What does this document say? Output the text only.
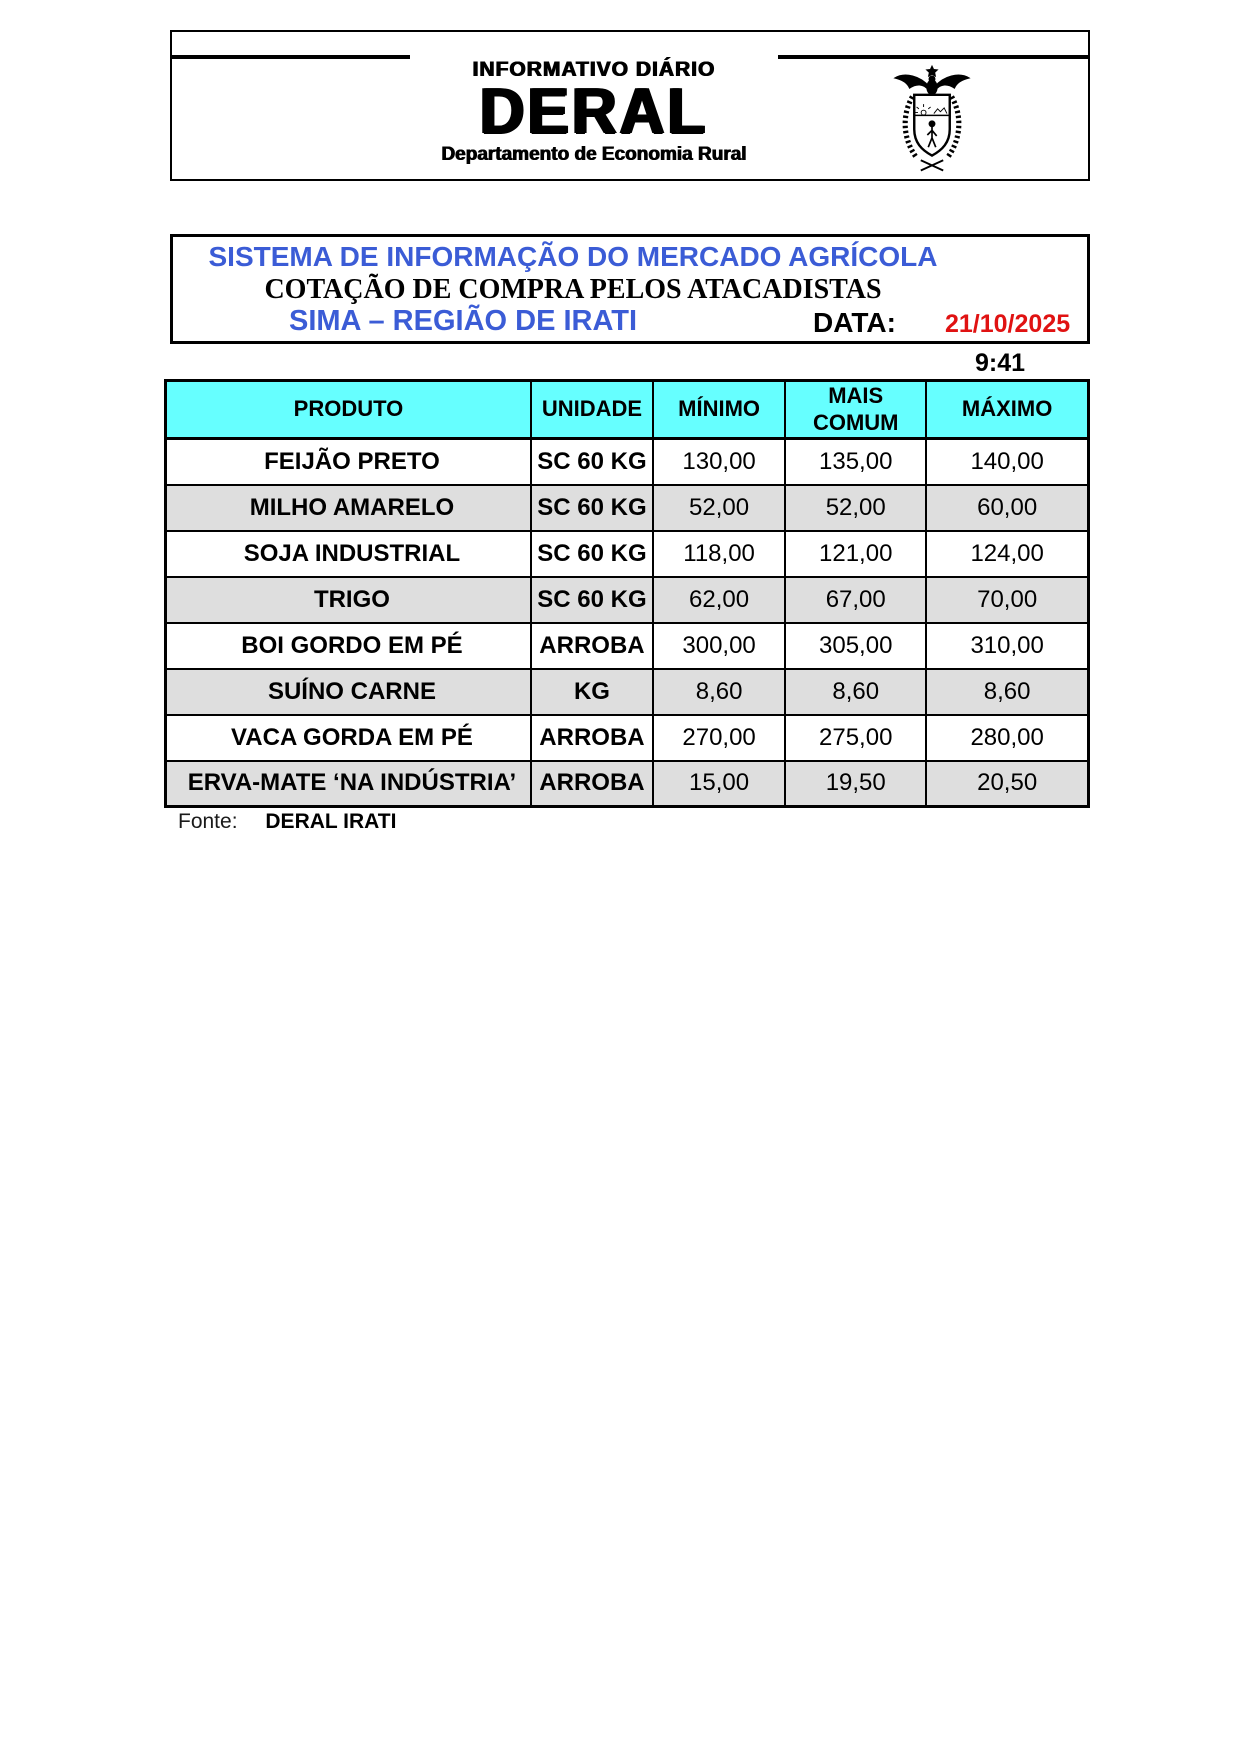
INFORMATIVO DIÁRIO
DERAL
Departamento de Economia Rural
SISTEMA DE INFORMAÇÃO DO MERCADO AGRÍCOLA
COTAÇÃO DE COMPRA PELOS ATACADISTAS
SIMA – REGIÃO DE IRATI	DATA: 21/10/2025
9:41
PRODUTO	UNIDADE	MÍNIMO	MAIS COMUM	MÁXIMO
FEIJÃO PRETO	SC 60 KG	130,00	135,00	140,00
MILHO AMARELO	SC 60 KG	52,00	52,00	60,00
SOJA INDUSTRIAL	SC 60 KG	118,00	121,00	124,00
TRIGO	SC 60 KG	62,00	67,00	70,00
BOI GORDO EM PÉ	ARROBA	300,00	305,00	310,00
SUÍNO CARNE	KG	8,60	8,60	8,60
VACA GORDA EM PÉ	ARROBA	270,00	275,00	280,00
ERVA-MATE ‘NA INDÚSTRIA’	ARROBA	15,00	19,50	20,50
Fonte: DERAL IRATI
